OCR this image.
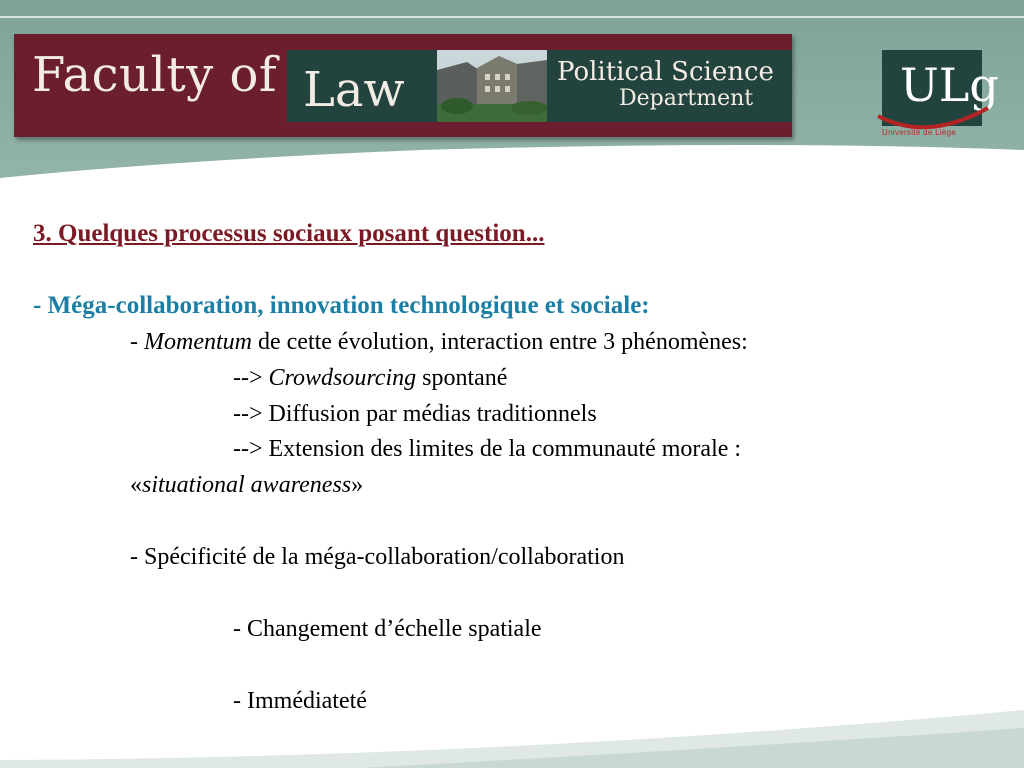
Faculty of Law	Political Science
Department	ULg
Université de Liège
3. Quelques processus sociaux posant question...
- Méga-collaboration, innovation technologique et sociale:
- Momentum de cette évolution, interaction entre 3 phénomènes:
--> Crowdsourcing spontané
--> Diffusion par médias traditionnels
--> Extension des limites de la communauté morale :
«situational awareness»
- Spécificité de la méga-collaboration/collaboration
- Changement d’échelle spatiale
- Immédiateté
